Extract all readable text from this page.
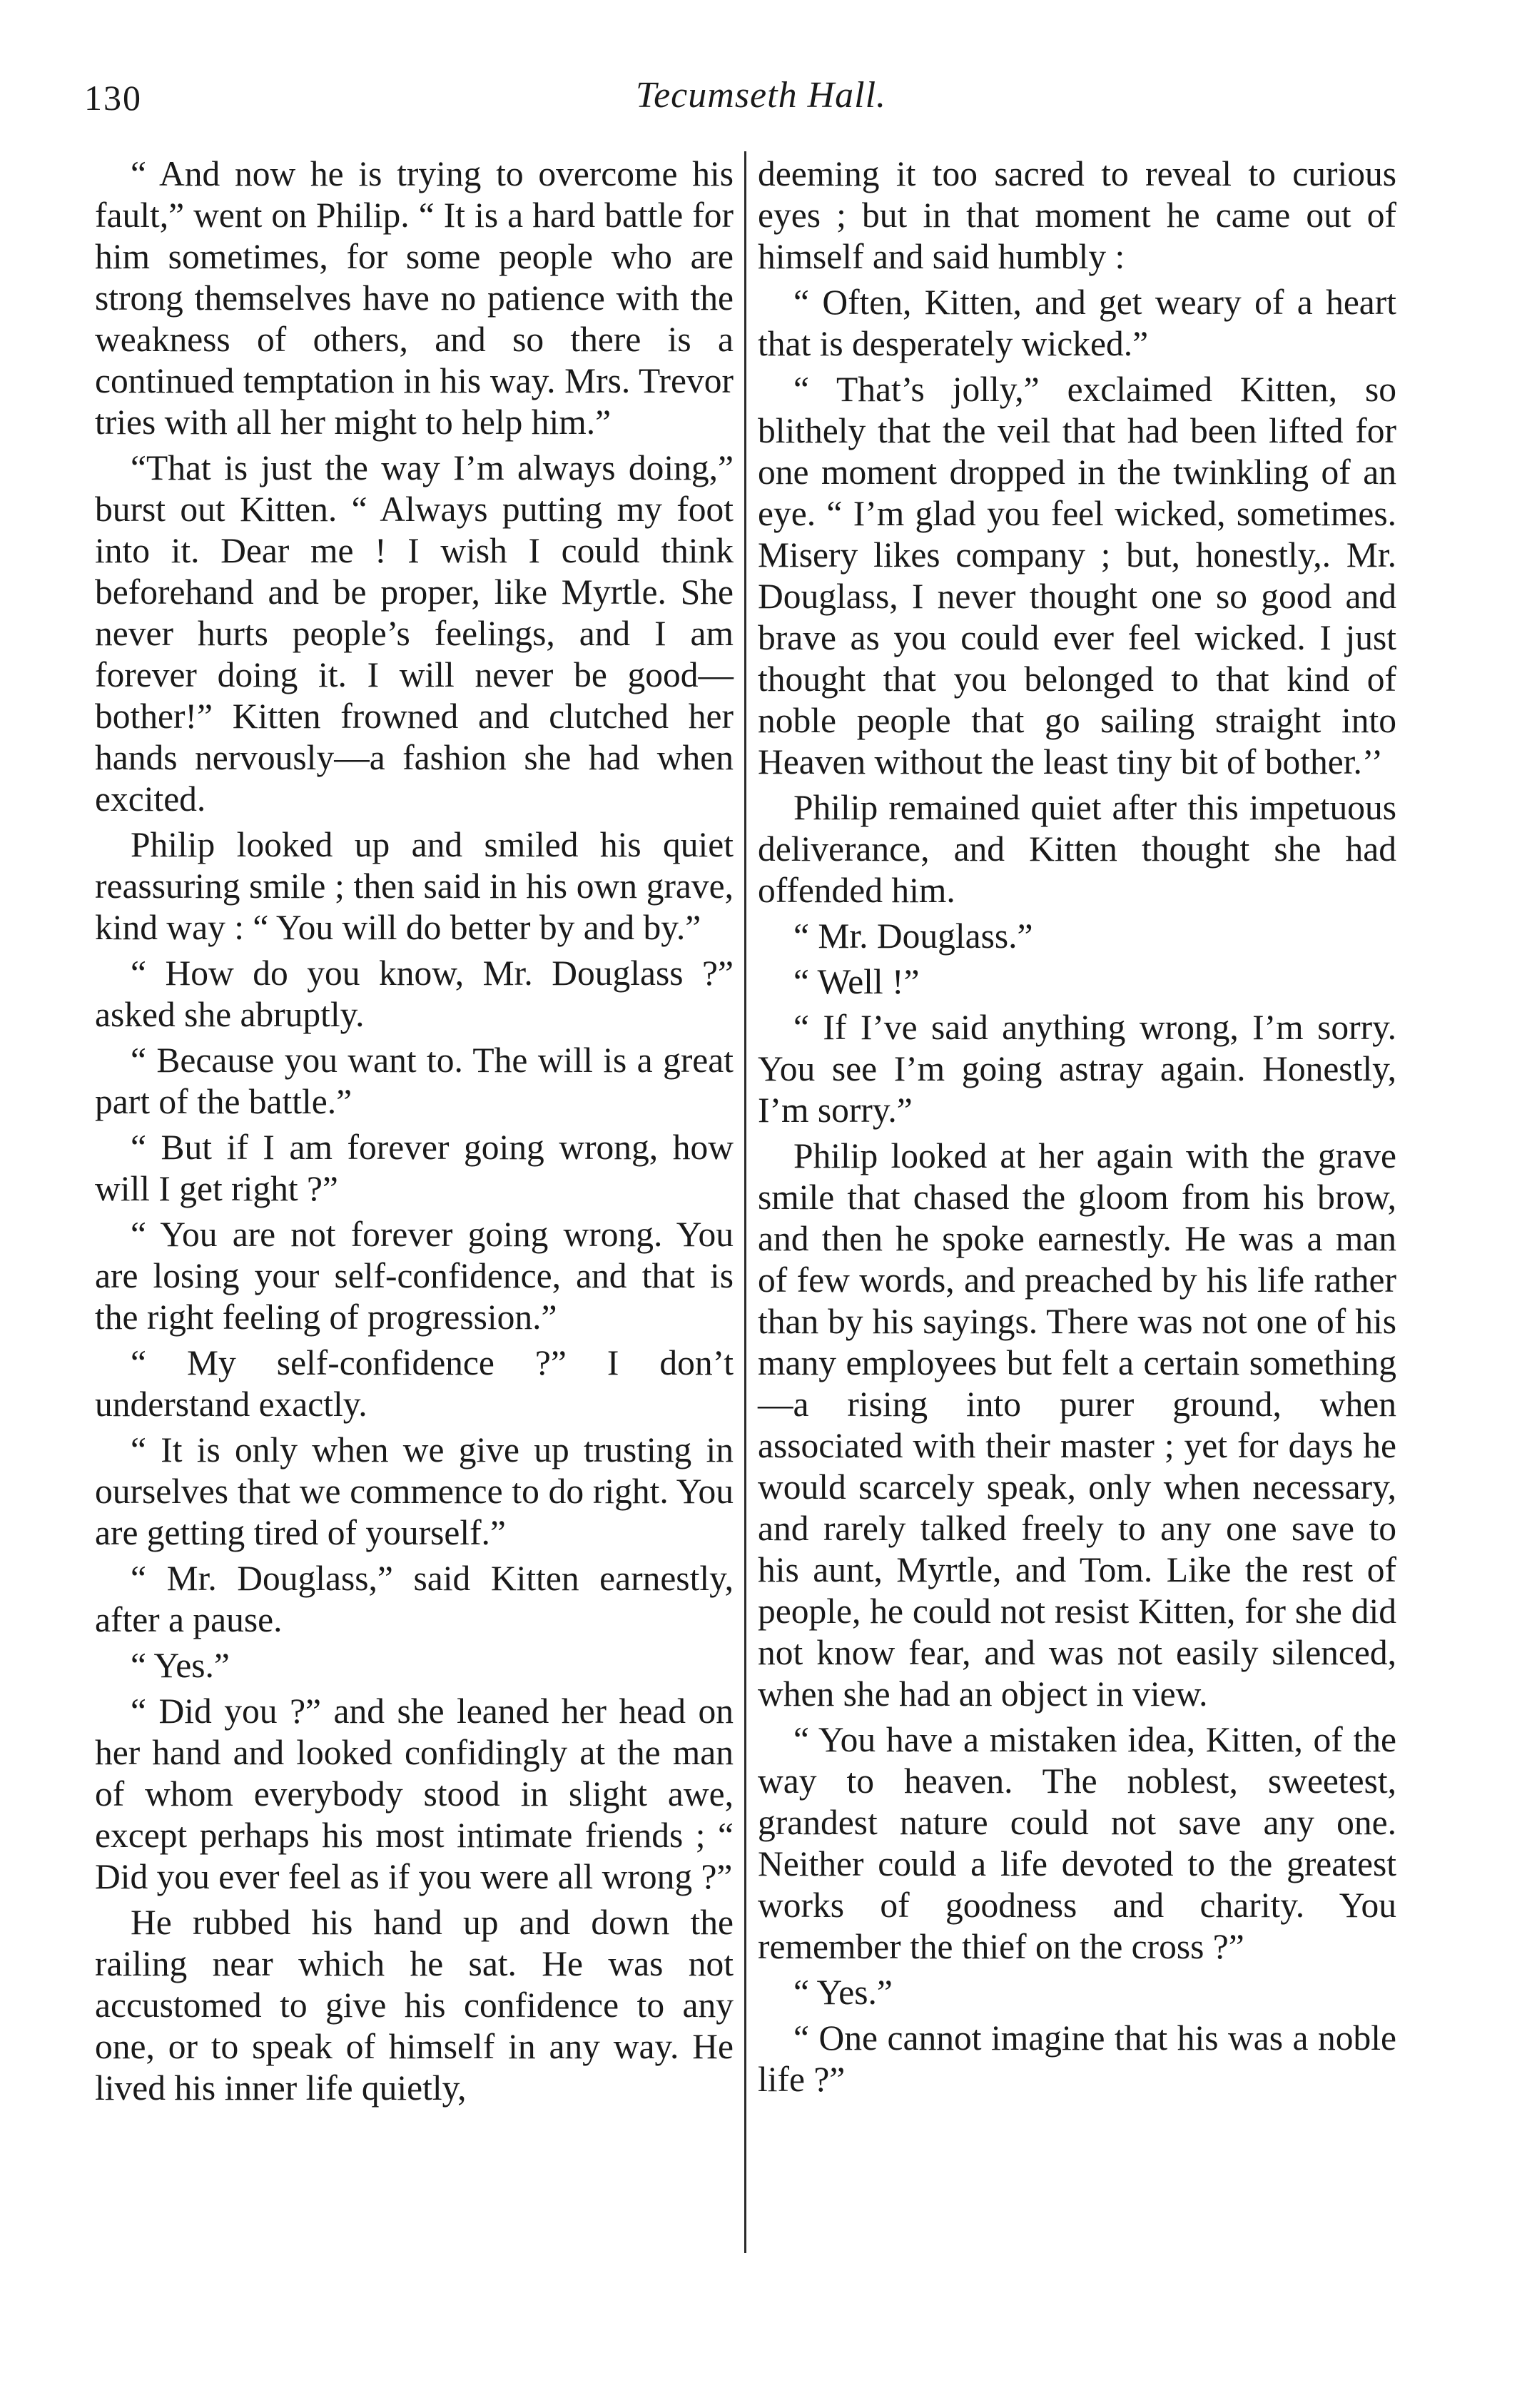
130	Tecumseth Hall.

“ And now he is trying to overcome his fault,” went on Philip. “ It is a hard battle for him sometimes, for some people who are strong themselves have no patience with the weakness of others, and so there is a continued temptation in his way. Mrs. Trevor tries with all her might to help him.”

“That is just the way I’m always doing,” burst out Kitten. “ Always putting my foot into it. Dear me ! I wish I could think beforehand and be proper, like Myrtle. She never hurts people’s feelings, and I am forever doing it. I will never be good—bother!” Kitten frowned and clutched her hands nervously—a fashion she had when excited.

Philip looked up and smiled his quiet reassuring smile ; then said in his own grave, kind way : “ You will do better by and by.”

“ How do you know, Mr. Douglass ?” asked she abruptly.

“ Because you want to. The will is a great part of the battle.”

“ But if I am forever going wrong, how will I get right ?”

“ You are not forever going wrong. You are losing your self-confidence, and that is the right feeling of progression.”

“ My self-confidence ?” I don’t understand exactly.

“ It is only when we give up trusting in ourselves that we commence to do right. You are getting tired of yourself.”

“ Mr. Douglass,” said Kitten earnestly, after a pause.

“ Yes.”

“ Did you ?” and she leaned her head on her hand and looked confidingly at the man of whom everybody stood in slight awe, except perhaps his most intimate friends ; “ Did you ever feel as if you were all wrong ?”

He rubbed his hand up and down the railing near which he sat. He was not accustomed to give his confidence to any one, or to speak of himself in any way. He lived his inner life quietly,

deeming it too sacred to reveal to curious eyes ; but in that moment he came out of himself and said humbly :

“ Often, Kitten, and get weary of a heart that is desperately wicked.”

“ That’s jolly,” exclaimed Kitten, so blithely that the veil that had been lifted for one moment dropped in the twinkling of an eye. “ I’m glad you feel wicked, sometimes. Misery likes company ; but, honestly,. Mr. Douglass, I never thought one so good and brave as you could ever feel wicked. I just thought that you belonged to that kind of noble people that go sailing straight into Heaven without the least tiny bit of bother.’’

Philip remained quiet after this impetuous deliverance, and Kitten thought she had offended him.

“ Mr. Douglass.”

“ Well !”

“ If I’ve said anything wrong, I’m sorry. You see I’m going astray again. Honestly, I’m sorry.”

Philip looked at her again with the grave smile that chased the gloom from his brow, and then he spoke earnestly. He was a man of few words, and preached by his life rather than by his sayings. There was not one of his many employees but felt a certain something—a rising into purer ground, when associated with their master ; yet for days he would scarcely speak, only when necessary, and rarely talked freely to any one save to his aunt, Myrtle, and Tom. Like the rest of people, he could not resist Kitten, for she did not know fear, and was not easily silenced, when she had an object in view.

“ You have a mistaken idea, Kitten, of the way to heaven. The noblest, sweetest, grandest nature could not save any one. Neither could a life devoted to the greatest works of goodness and charity. You remember the thief on the cross ?”

“ Yes.”

“ One cannot imagine that his was a noble life ?”
